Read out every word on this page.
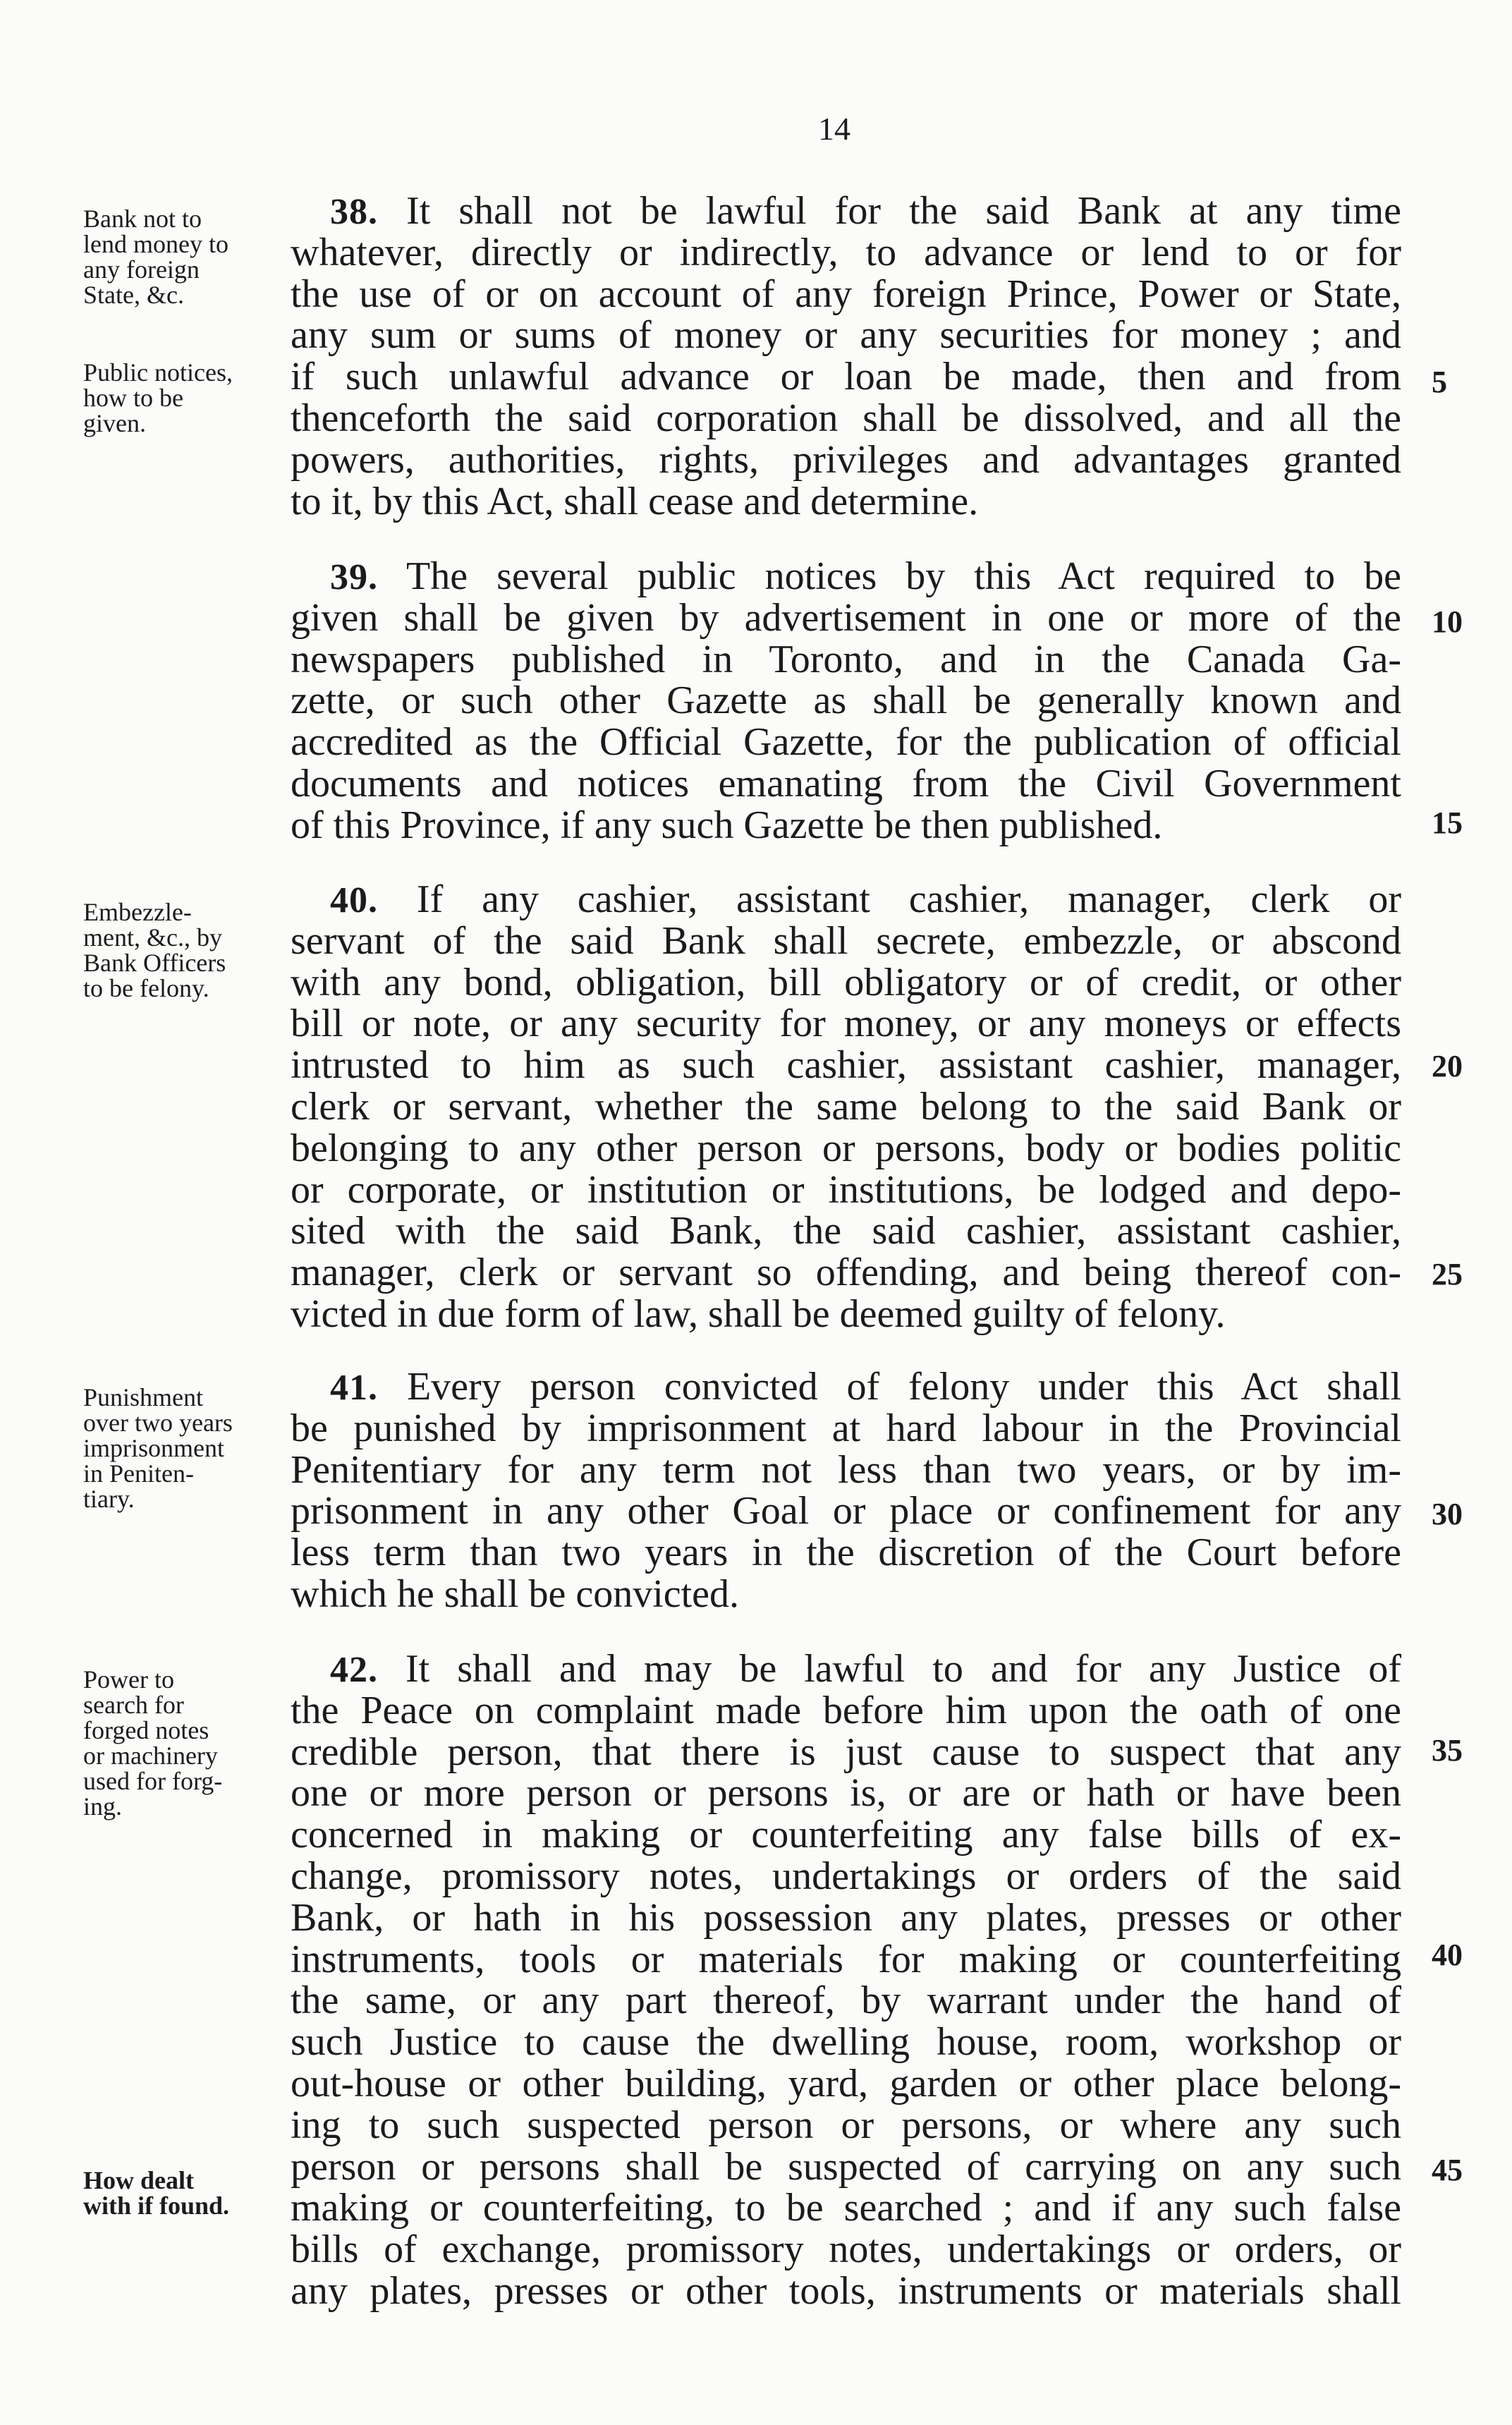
14
 38. It shall not be lawful for the said Bank at any time
whatever, directly or indirectly, to advance or lend to or for
the use of or on account of any foreign Prince, Power or State,
any sum or sums of money or any securities for money ; and
if such unlawful advance or loan be made, then and from
thenceforth the said corporation shall be dissolved, and all the
powers, authorities, rights, privileges and advantages granted
to it, by this Act, shall cease and determine.
 39. The several public notices by this Act required to be
given shall be given by advertisement in one or more of the
newspapers published in Toronto, and in the Canada Ga-
zette, or such other Gazette as shall be generally known and
accredited as the Official Gazette, for the publication of official
documents and notices emanating from the Civil Government
of this Province, if any such Gazette be then published.
 40. If any cashier, assistant cashier, manager, clerk or
servant of the said Bank shall secrete, embezzle, or abscond
with any bond, obligation, bill obligatory or of credit, or other
bill or note, or any security for money, or any moneys or effects
intrusted to him as such cashier, assistant cashier, manager,
clerk or servant, whether the same belong to the said Bank or
belonging to any other person or persons, body or bodies politic
or corporate, or institution or institutions, be lodged and depo-
sited with the said Bank, the said cashier, assistant cashier,
manager, clerk or servant so offending, and being thereof con-
victed in due form of law, shall be deemed guilty of felony.
 41. Every person convicted of felony under this Act shall
be punished by imprisonment at hard labour in the Provincial
Penitentiary for any term not less than two years, or by im-
prisonment in any other Goal or place or confinement for any
less term than two years in the discretion of the Court before
which he shall be convicted.
 42. It shall and may be lawful to and for any Justice of
the Peace on complaint made before him upon the oath of one
credible person, that there is just cause to suspect that any
one or more person or persons is, or are or hath or have been
concerned in making or counterfeiting any false bills of ex-
change, promissory notes, undertakings or orders of the said
Bank, or hath in his possession any plates, presses or other
instruments, tools or materials for making or counterfeiting
the same, or any part thereof, by warrant under the hand of
such Justice to cause the dwelling house, room, workshop or
out-house or other building, yard, garden or other place belong-
ing to such suspected person or persons, or where any such
person or persons shall be suspected of carrying on any such
making or counterfeiting, to be searched ; and if any such false
bills of exchange, promissory notes, undertakings or orders, or
any plates, presses or other tools, instruments or materials shall
Bank not to
lend money to
any foreign
State, &c.
Public notices,
how to be
given.
Embezzle-
ment, &c., by
Bank Officers
to be felony.
Punishment
over two years
imprisonment
in Peniten-
tiary.
Power to
search for
forged notes
or machinery
used for forg-
ing.
How dealt
with if found.
5
10
15
20
25
30
35
40
45
